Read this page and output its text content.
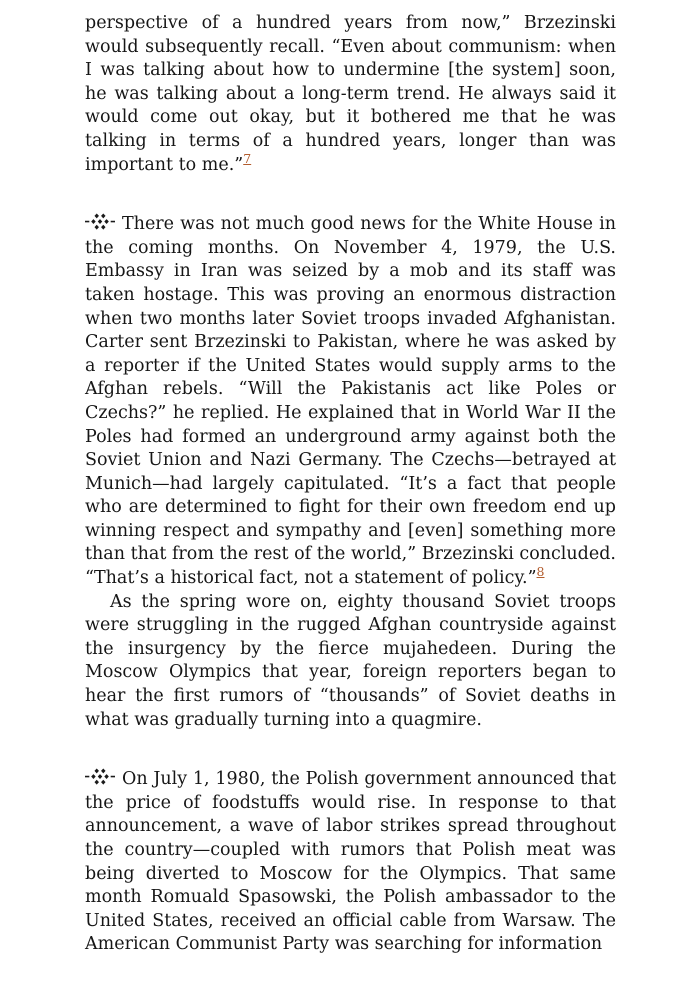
perspective of a hundred years from now,” Brzezinski would subsequently recall. “Even about communism: when I was talking about how to undermine [the system] soon, he was talking about a long-term trend. He always said it would come out okay, but it bothered me that he was talking in terms of a hundred years, longer than was important to me.”$^7$

There was not much good news for the White House in the coming months. On November 4, 1979, the U.S. Embassy in Iran was seized by a mob and its staff was taken hostage. This was proving an enormous distraction when two months later Soviet troops invaded Afghanistan. Carter sent Brzezinski to Pakistan, where he was asked by a reporter if the United States would supply arms to the Afghan rebels. “Will the Pakistanis act like Poles or Czechs?” he replied. He explained that in World War II the Poles had formed an underground army against both the Soviet Union and Nazi Germany. The Czechs—betrayed at Munich—had largely capitulated. “It’s a fact that people who are determined to fight for their own freedom end up winning respect and sympathy and [even] something more than that from the rest of the world,” Brzezinski concluded. “That’s a historical fact, not a statement of policy.”$^8$

As the spring wore on, eighty thousand Soviet troops were struggling in the rugged Afghan countryside against the insurgency by the fierce mujahedeen. During the Moscow Olympics that year, foreign reporters began to hear the first rumors of “thousands” of Soviet deaths in what was gradually turning into a quagmire.

On July 1, 1980, the Polish government announced that the price of foodstuffs would rise. In response to that announcement, a wave of labor strikes spread throughout the country—coupled with rumors that Polish meat was being diverted to Moscow for the Olympics. That same month Romuald Spasowski, the Polish ambassador to the United States, received an official cable from Warsaw. The American Communist Party was searching for information
